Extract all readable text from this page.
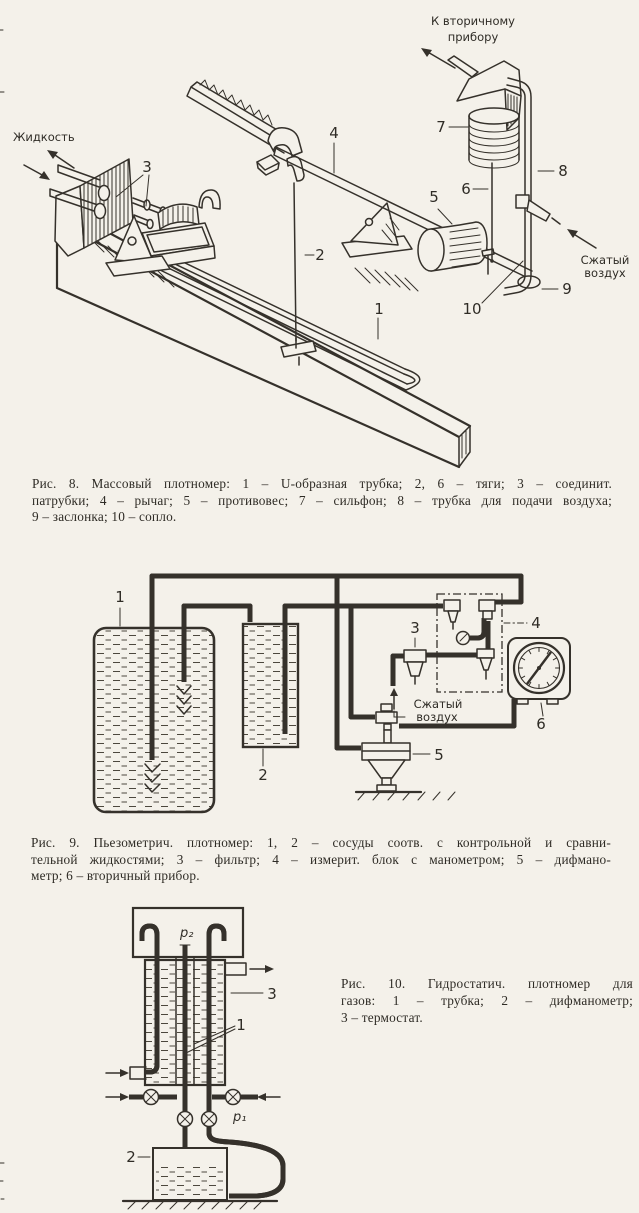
Жидкость
К вторичному
прибору
Сжатый
воздух
3
4	7
5 6
8
9
10
2
1
Рис. 8. Массовый плотномер: 1 – U-образная трубка; 2, 6 – тяги; 3 – соединит.
патрубки; 4 – рычаг; 5 – противовес; 7 – сильфон; 8 – трубка для подачи воздуха;
9 – заслонка; 10 – сопло.
1
2
3	4
5
6
Сжатый
воздух
Рис. 9. Пьезометрич. плотномер: 1, 2 – сосуды соотв. с контрольной и сравни-
тельной жидкостями; 3 – фильтр; 4 – измерит. блок с манометром; 5 – дифмано-
метр; 6 – вторичный прибор.
p₂
p₁
3
1
2
Рис. 10. Гидростатич. плотномер для
газов: 1 – трубка; 2 – дифманометр;
3 – термостат.
